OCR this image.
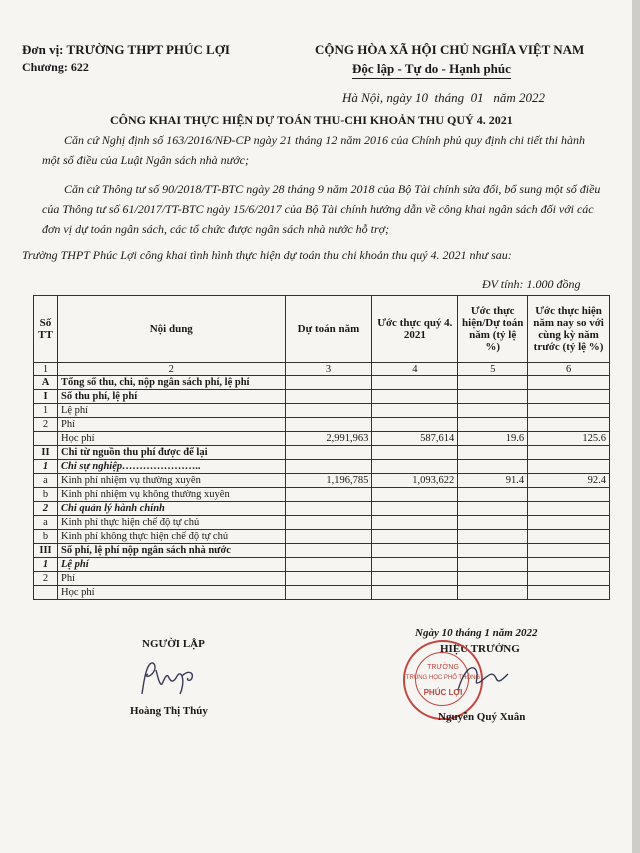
Đơn vị: TRƯỜNG THPT PHÚC LỢI
Chương: 622
CỘNG HÒA XÃ HỘI CHỦ NGHĨA VIỆT NAM
Độc lập - Tự do - Hạnh phúc
Hà Nội, ngày 10 tháng 01 năm 2022
CÔNG KHAI THỰC HIỆN DỰ TOÁN THU-CHI KHOẢN THU QUÝ 4. 2021
Căn cứ Nghị định số 163/2016/NĐ-CP ngày 21 tháng 12 năm 2016 của Chính phủ quy định chi tiết thi hành một số điều của Luật Ngân sách nhà nước;
Căn cứ Thông tư số 90/2018/TT-BTC ngày 28 tháng 9 năm 2018 của Bộ Tài chính sửa đổi, bổ sung một số điều của Thông tư số 61/2017/TT-BTC ngày 15/6/2017 của Bộ Tài chính hướng dẫn về công khai ngân sách đối với các đơn vị dự toán ngân sách, các tổ chức được ngân sách nhà nước hỗ trợ;
Trường THPT Phúc Lợi công khai tình hình thực hiện dự toán thu chi khoản thu quý 4. 2021 như sau:
ĐV tính: 1.000 đồng
Số TT	Nội dung	Dự toán năm	Ước thực quý 4. 2021	Ước thực hiện/Dự toán năm (tỷ lệ %)	Ước thực hiện năm nay so với cùng kỳ năm trước (tỷ lệ %)
1	2	3	4	5	6
A	Tổng số thu, chi, nộp ngân sách phí, lệ phí				
I	Số thu phí, lệ phí				
1	Lệ phí				
2	Phí				
	Học phí	2,991,963	587,614	19.6	125.6
II	Chi từ nguồn thu phí được để lại				
1	Chi sự nghiệp…………………..				
a	Kinh phí nhiệm vụ thường xuyên	1,196,785	1,093,622	91.4	92.4
b	Kinh phí nhiệm vụ không thường xuyên				
2	Chi quản lý hành chính				
a	Kinh phí thực hiện chế độ tự chủ				
b	Kinh phí không thực hiện chế độ tự chủ				
III	Số phí, lệ phí nộp ngân sách nhà nước				
1	Lệ phí				
2	Phí				
	Học phí				
NGƯỜI LẬP
Hoàng Thị Thúy
Ngày 10 tháng 1 năm 2022
HIỆU TRƯỞNG
TRƯỜNG
TRUNG HỌC PHỔ THÔNG
PHÚC LỢI
Nguyễn Quý Xuân
